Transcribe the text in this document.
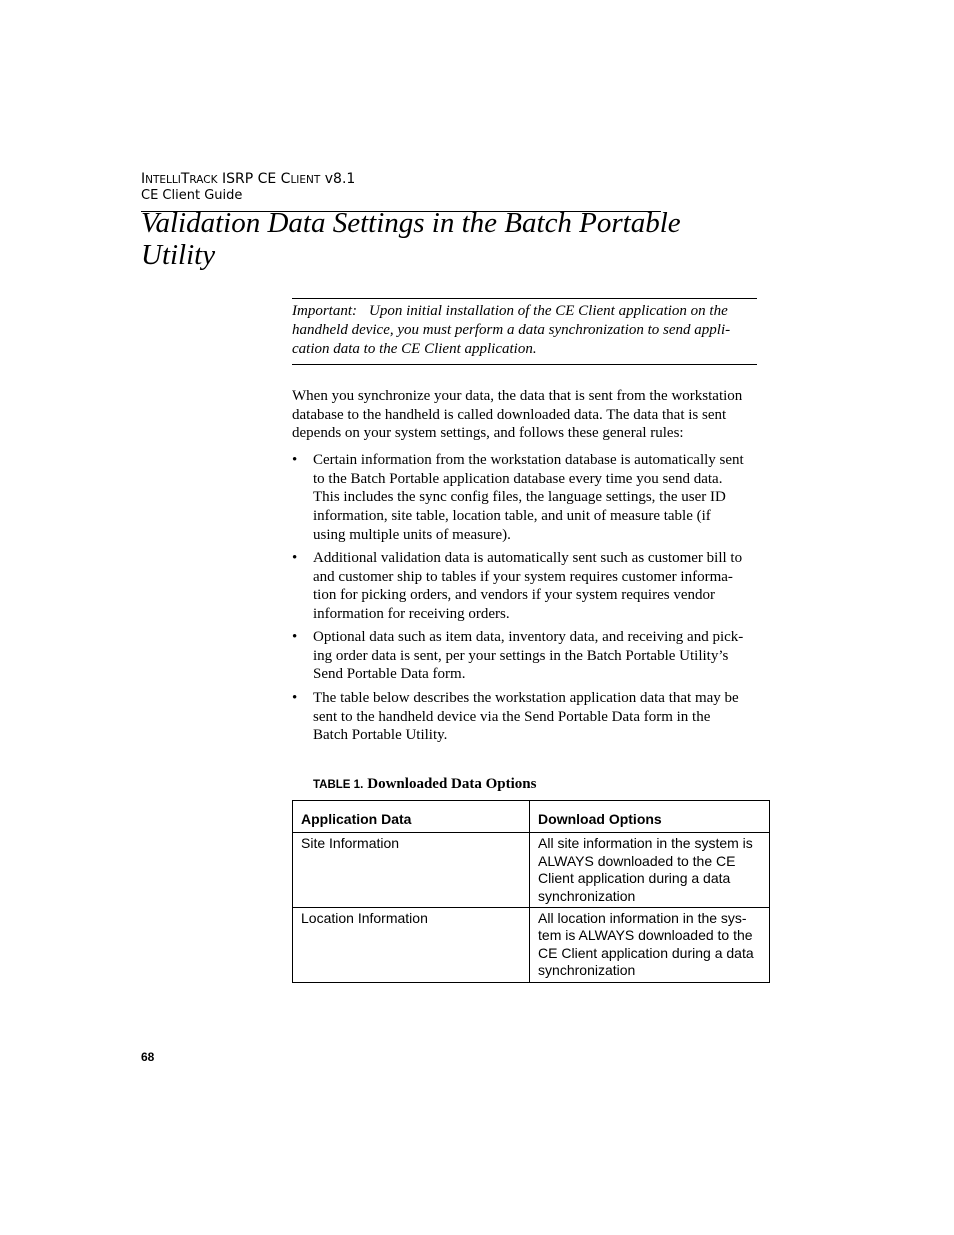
INTELLITRACK ISRP CE CLIENT v8.1
CE Client Guide
Validation Data Settings in the Batch Portable
Utility
Important: Upon initial installation of the CE Client application on the
handheld device, you must perform a data synchronization to send appli-
cation data to the CE Client application.
When you synchronize your data, the data that is sent from the workstation
database to the handheld is called downloaded data. The data that is sent
depends on your system settings, and follows these general rules:
• Certain information from the workstation database is automatically sent
to the Batch Portable application database every time you send data.
This includes the sync config files, the language settings, the user ID
information, site table, location table, and unit of measure table (if
using multiple units of measure).
• Additional validation data is automatically sent such as customer bill to
and customer ship to tables if your system requires customer informa-
tion for picking orders, and vendors if your system requires vendor
information for receiving orders.
• Optional data such as item data, inventory data, and receiving and pick-
ing order data is sent, per your settings in the Batch Portable Utility’s
Send Portable Data form.
• The table below describes the workstation application data that may be
sent to the handheld device via the Send Portable Data form in the
Batch Portable Utility.
TABLE 1. Downloaded Data Options
Application Data	Download Options
Site Information	All site information in the system is
ALWAYS downloaded to the CE
Client application during a data
synchronization

Location Information	All location information in the sys-
tem is ALWAYS downloaded to the
CE Client application during a data
synchronization
68
